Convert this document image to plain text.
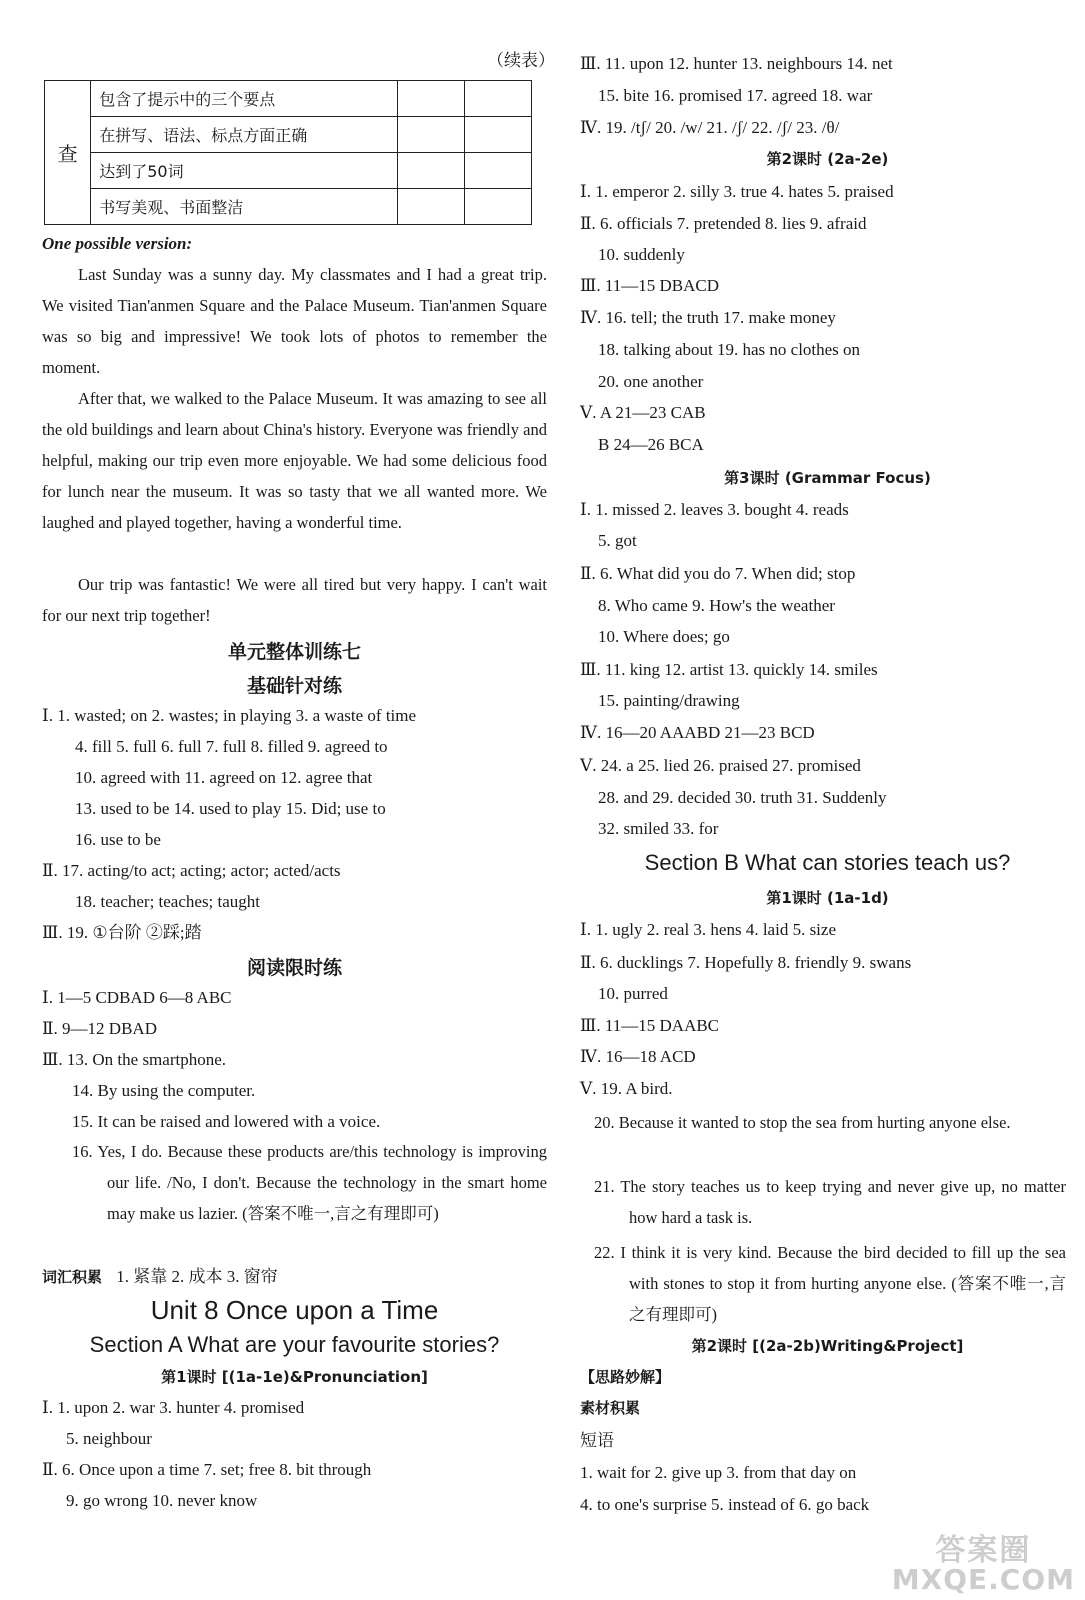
（续表）
查	包含了提示中的三个要点		
	在拼写、语法、标点方面正确		
	达到了50词		
	书写美观、书面整洁		
One possible version:
Last Sunday was a sunny day. My classmates and I had a great trip. We visited Tian'anmen Square and the Palace Museum. Tian'anmen Square was so big and impressive! We took lots of photos to remember the moment.
After that, we walked to the Palace Museum. It was amazing to see all the old buildings and learn about China's history. Everyone was friendly and helpful, making our trip even more enjoyable. We had some delicious food for lunch near the museum. It was so tasty that we all wanted more. We laughed and played together, having a wonderful time.
Our trip was fantastic! We were all tired but very happy. I can't wait for our next trip together!
单元整体训练七
基础针对练
Ⅰ. 1. wasted; on 2. wastes; in playing 3. a waste of time
4. fill 5. full 6. full 7. full 8. filled 9. agreed to
10. agreed with 11. agreed on 12. agree that
13. used to be 14. used to play 15. Did; use to
16. use to be
Ⅱ. 17. acting/to act; acting; actor; acted/acts
18. teacher; teaches; taught
Ⅲ. 19. ①台阶 ②踩;踏
阅读限时练
Ⅰ. 1—5 CDBAD 6—8 ABC
Ⅱ. 9—12 DBAD
Ⅲ. 13. On the smartphone.
14. By using the computer.
15. It can be raised and lowered with a voice.
16. Yes, I do. Because these products are/this technology is improving our life. /No, I don't. Because the technology in the smart home may make us lazier. (答案不唯一,言之有理即可)
词汇积累 1. 紧靠 2. 成本 3. 窗帘
Unit 8 Once upon a Time
Section A What are your favourite stories?
第1课时 [(1a-1e)&Pronunciation]
Ⅰ. 1. upon 2. war 3. hunter 4. promised
5. neighbour
Ⅱ. 6. Once upon a time 7. set; free 8. bit through
9. go wrong 10. never know
Ⅲ. 11. upon 12. hunter 13. neighbours 14. net
15. bite 16. promised 17. agreed 18. war
Ⅳ. 19. /tʃ/ 20. /w/ 21. /ʃ/ 22. /ʃ/ 23. /θ/
第2课时 (2a-2e)
Ⅰ. 1. emperor 2. silly 3. true 4. hates 5. praised
Ⅱ. 6. officials 7. pretended 8. lies 9. afraid
10. suddenly
Ⅲ. 11—15 DBACD
Ⅳ. 16. tell; the truth 17. make money
18. talking about 19. has no clothes on
20. one another
Ⅴ. A 21—23 CAB
B 24—26 BCA
第3课时 (Grammar Focus)
Ⅰ. 1. missed 2. leaves 3. bought 4. reads
5. got
Ⅱ. 6. What did you do 7. When did; stop
8. Who came 9. How's the weather
10. Where does; go
Ⅲ. 11. king 12. artist 13. quickly 14. smiles
15. painting/drawing
Ⅳ. 16—20 AAABD 21—23 BCD
Ⅴ. 24. a 25. lied 26. praised 27. promised
28. and 29. decided 30. truth 31. Suddenly
32. smiled 33. for
Section B What can stories teach us?
第1课时 (1a-1d)
Ⅰ. 1. ugly 2. real 3. hens 4. laid 5. size
Ⅱ. 6. ducklings 7. Hopefully 8. friendly 9. swans
10. purred
Ⅲ. 11—15 DAABC
Ⅳ. 16—18 ACD
Ⅴ. 19. A bird.
20. Because it wanted to stop the sea from hurting anyone else.
21. The story teaches us to keep trying and never give up, no matter how hard a task is.
22. I think it is very kind. Because the bird decided to fill up the sea with stones to stop it from hurting anyone else. (答案不唯一,言之有理即可)
第2课时 [(2a-2b)Writing&Project]
【思路妙解】
素材积累
短语
1. wait for 2. give up 3. from that day on
4. to one's surprise 5. instead of 6. go back
答案圈
MXQE.COM
